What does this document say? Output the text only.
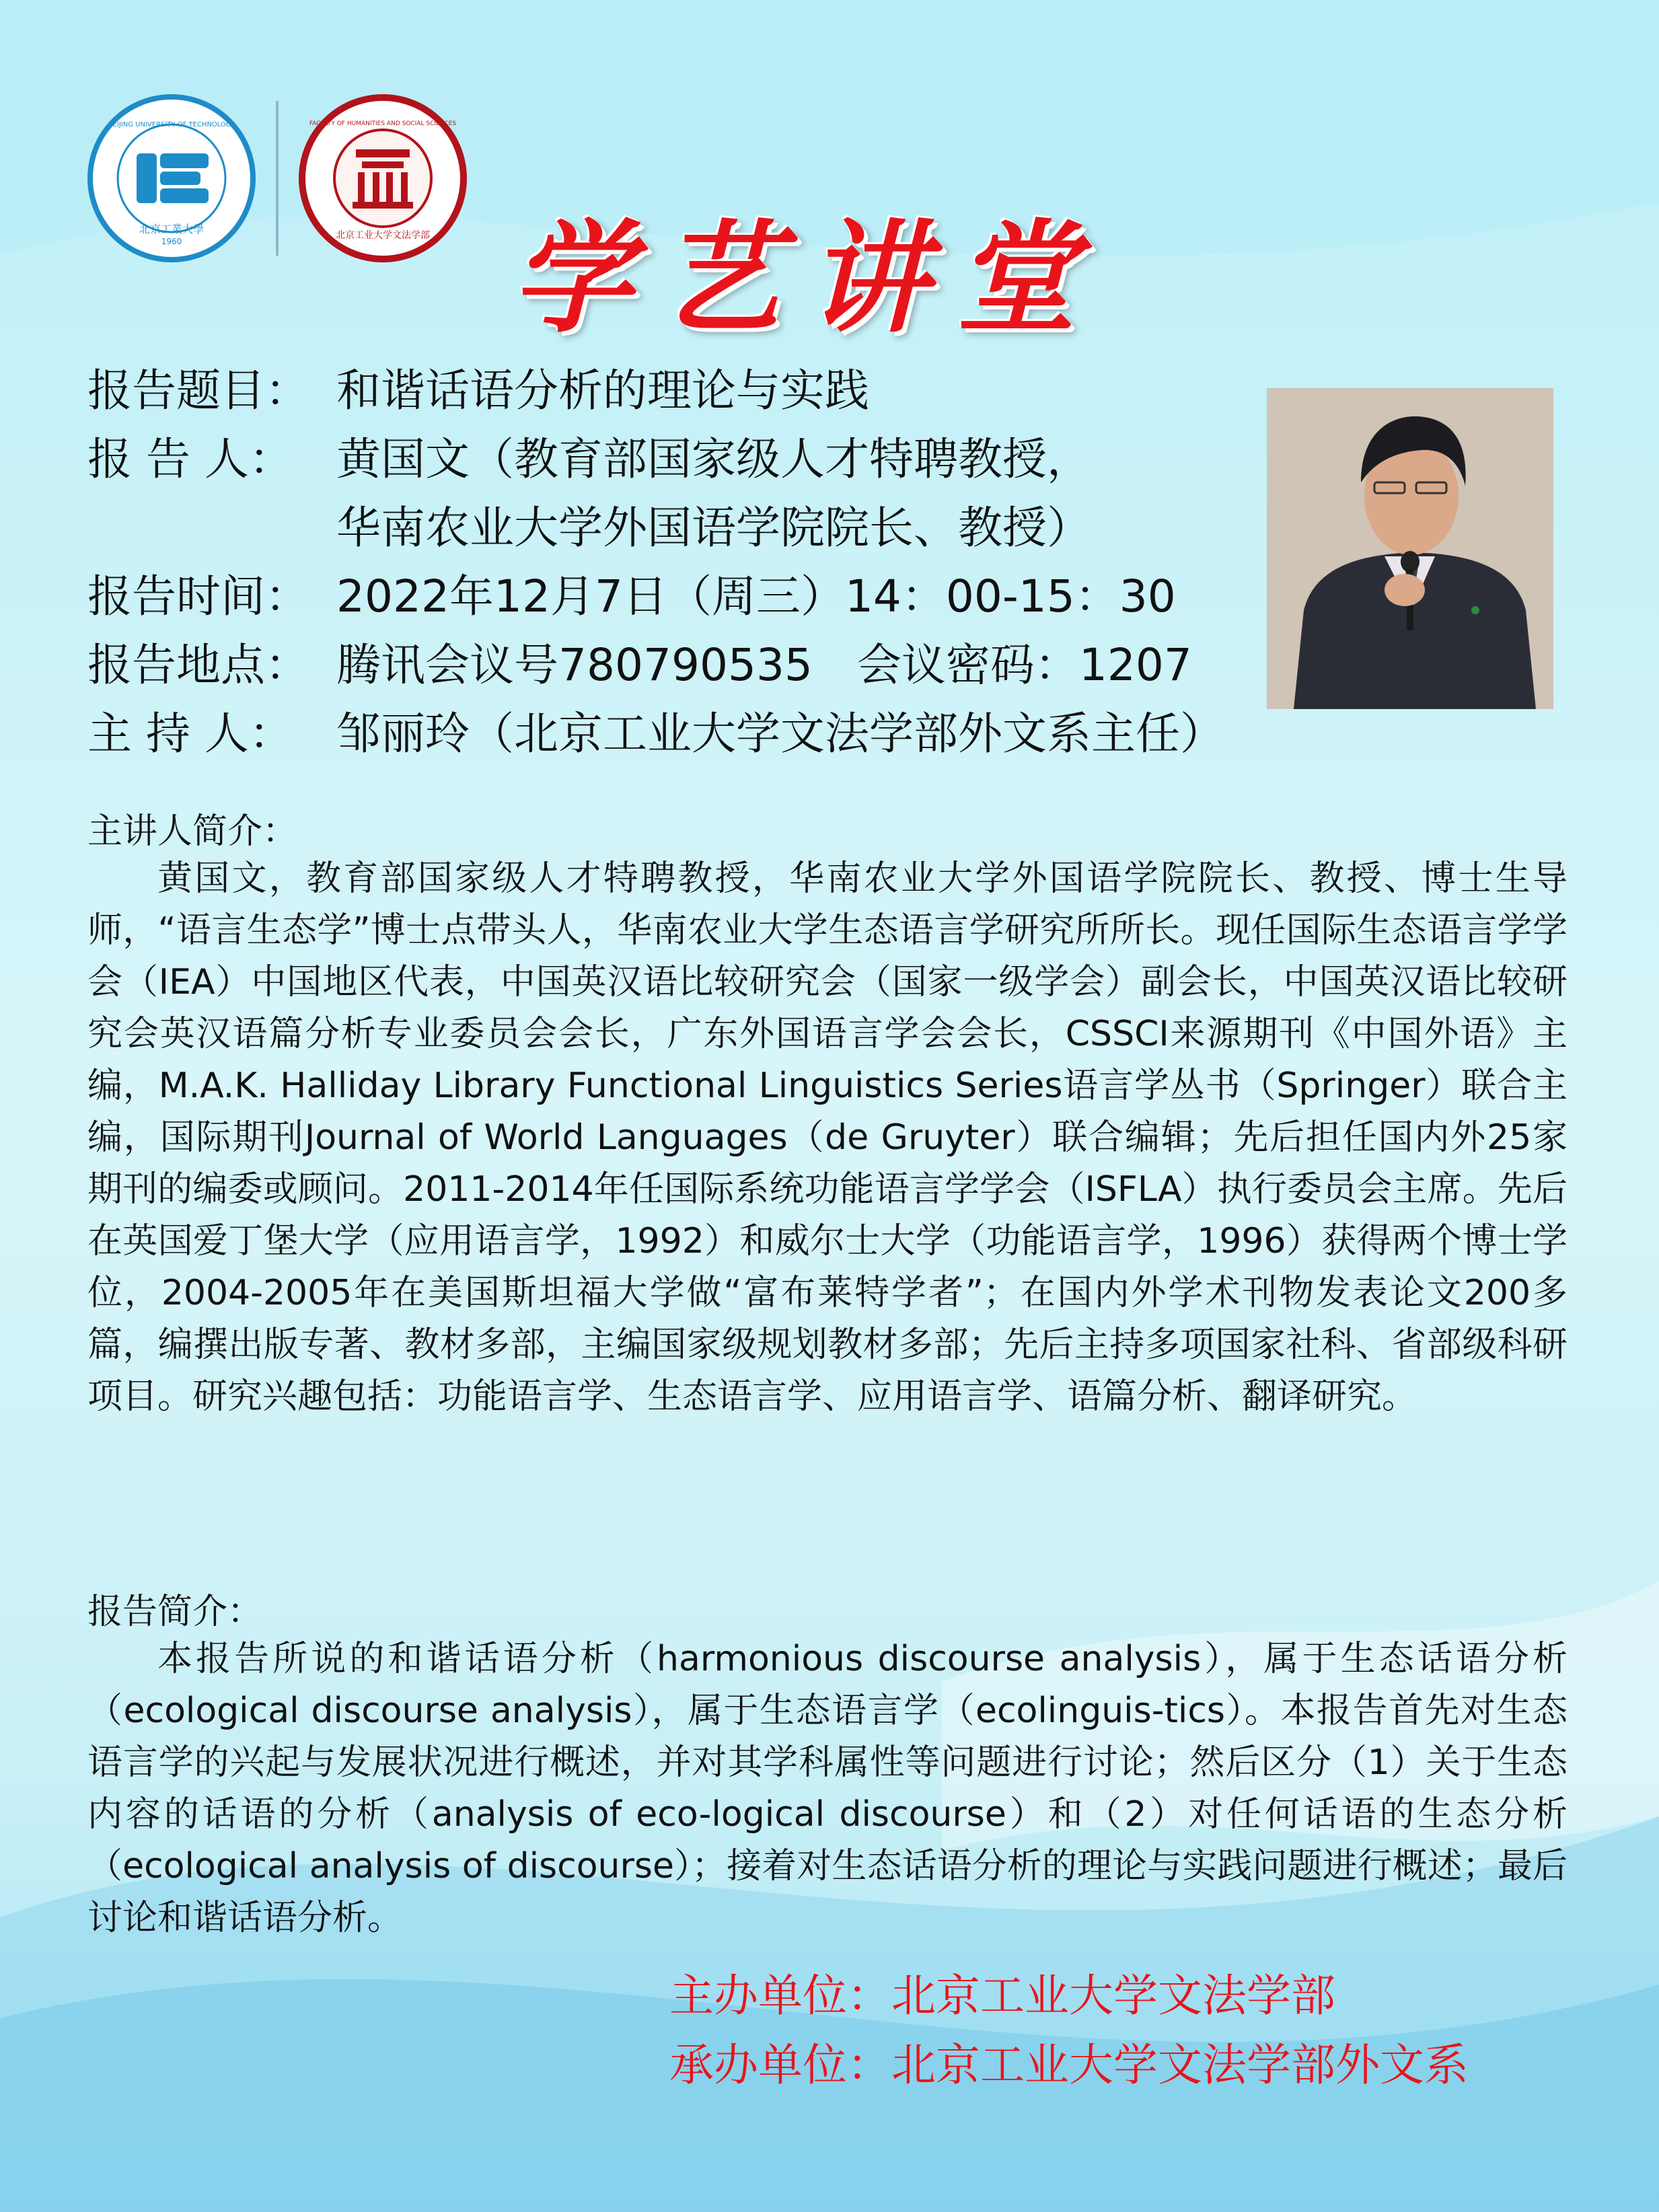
北京工業大學
1960
BEIJING UNIVERSITY OF TECHNOLOGY	FACULTY OF HUMANITIES AND SOCIAL SCIENCES
北京工业大学文法学部 学艺讲堂
报告题目： 和谐话语分析的理论与实践
报 告 人： 黄国文（教育部国家级人才特聘教授，
华南农业大学外国语学院院长、教授）
报告时间： 2022年12月7日（周三）14：00-15：30
报告地点： 腾讯会议号780790535　会议密码：1207
主 持 人： 邹丽玲（北京工业大学文法学部外文系主任）
主讲人简介：

黄国文，教育部国家级人才特聘教授，华南农业大学外国语学院院长、教授、博士生导师，“语言生态学”博士点带头人，华南农业大学生态语言学研究所所长。现任国际生态语言学学会（IEA）中国地区代表，中国英汉语比较研究会（国家一级学会）副会长，中国英汉语比较研究会英汉语篇分析专业委员会会长，广东外国语言学会会长，CSSCI来源期刊《中国外语》主编，M.A.K. Halliday Library Functional Linguistics Series语言学丛书（Springer）联合主编，国际期刊Journal of World Languages（de Gruyter）联合编辑；先后担任国内外25家期刊的编委或顾问。2011-2014年任国际系统功能语言学学会（ISFLA）执行委员会主席。先后在英国爱丁堡大学（应用语言学，1992）和威尔士大学（功能语言学，1996）获得两个博士学位，2004-2005年在美国斯坦福大学做“富布莱特学者”；在国内外学术刊物发表论文200多篇，编撰出版专著、教材多部，主编国家级规划教材多部；先后主持多项国家社科、省部级科研项目。研究兴趣包括：功能语言学、生态语言学、应用语言学、语篇分析、翻译研究。

报告简介：

本报告所说的和谐话语分析（harmonious discourse analysis），属于生态话语分析（ecological discourse analysis），属于生态语言学（ecolinguis-tics）。本报告首先对生态语言学的兴起与发展状况进行概述，并对其学科属性等问题进行讨论；然后区分（1）关于生态内容的话语的分析（analysis of eco-logical discourse）和（2）对任何话语的生态分析（ecological analysis of discourse）；接着对生态话语分析的理论与实践问题进行概述；最后讨论和谐话语分析。

主办单位：北京工业大学文法学部
承办单位：北京工业大学文法学部外文系
